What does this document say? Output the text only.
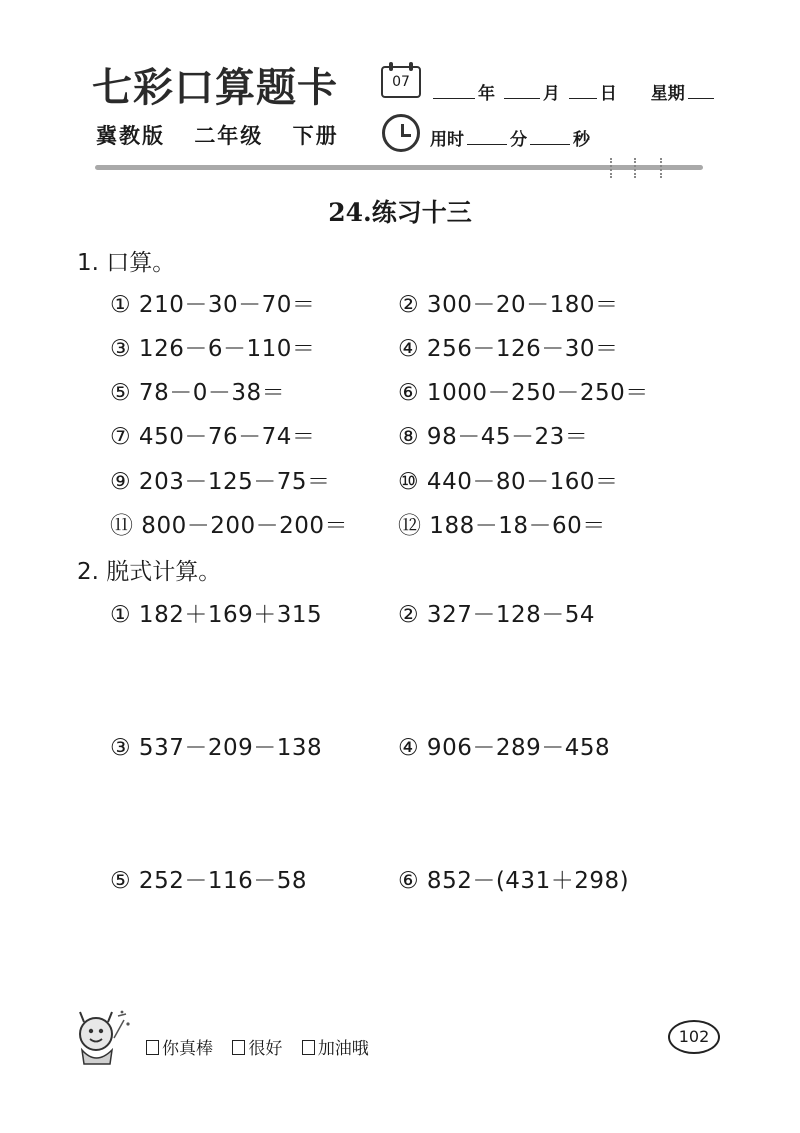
七彩口算题卡
冀教版 二年级 下册
07
年	月 日 星期
用时	分	秒
24.练习十三
1. 口算。
① 210－30－70＝	② 300－20－180＝
③ 126－6－110＝	④ 256－126－30＝
⑤ 78－0－38＝	⑥ 1000－250－250＝
⑦ 450－76－74＝	⑧ 98－45－23＝
⑨ 203－125－75＝	⑩ 440－80－160＝
⑪ 800－200－200＝ ⑫ 188－18－60＝
2. 脱式计算。
① 182＋169＋315	② 327－128－54
③ 537－209－138	④ 906－289－458
⑤ 252－116－58	⑥ 852－(431＋298)
你真棒 很好 加油哦
102
